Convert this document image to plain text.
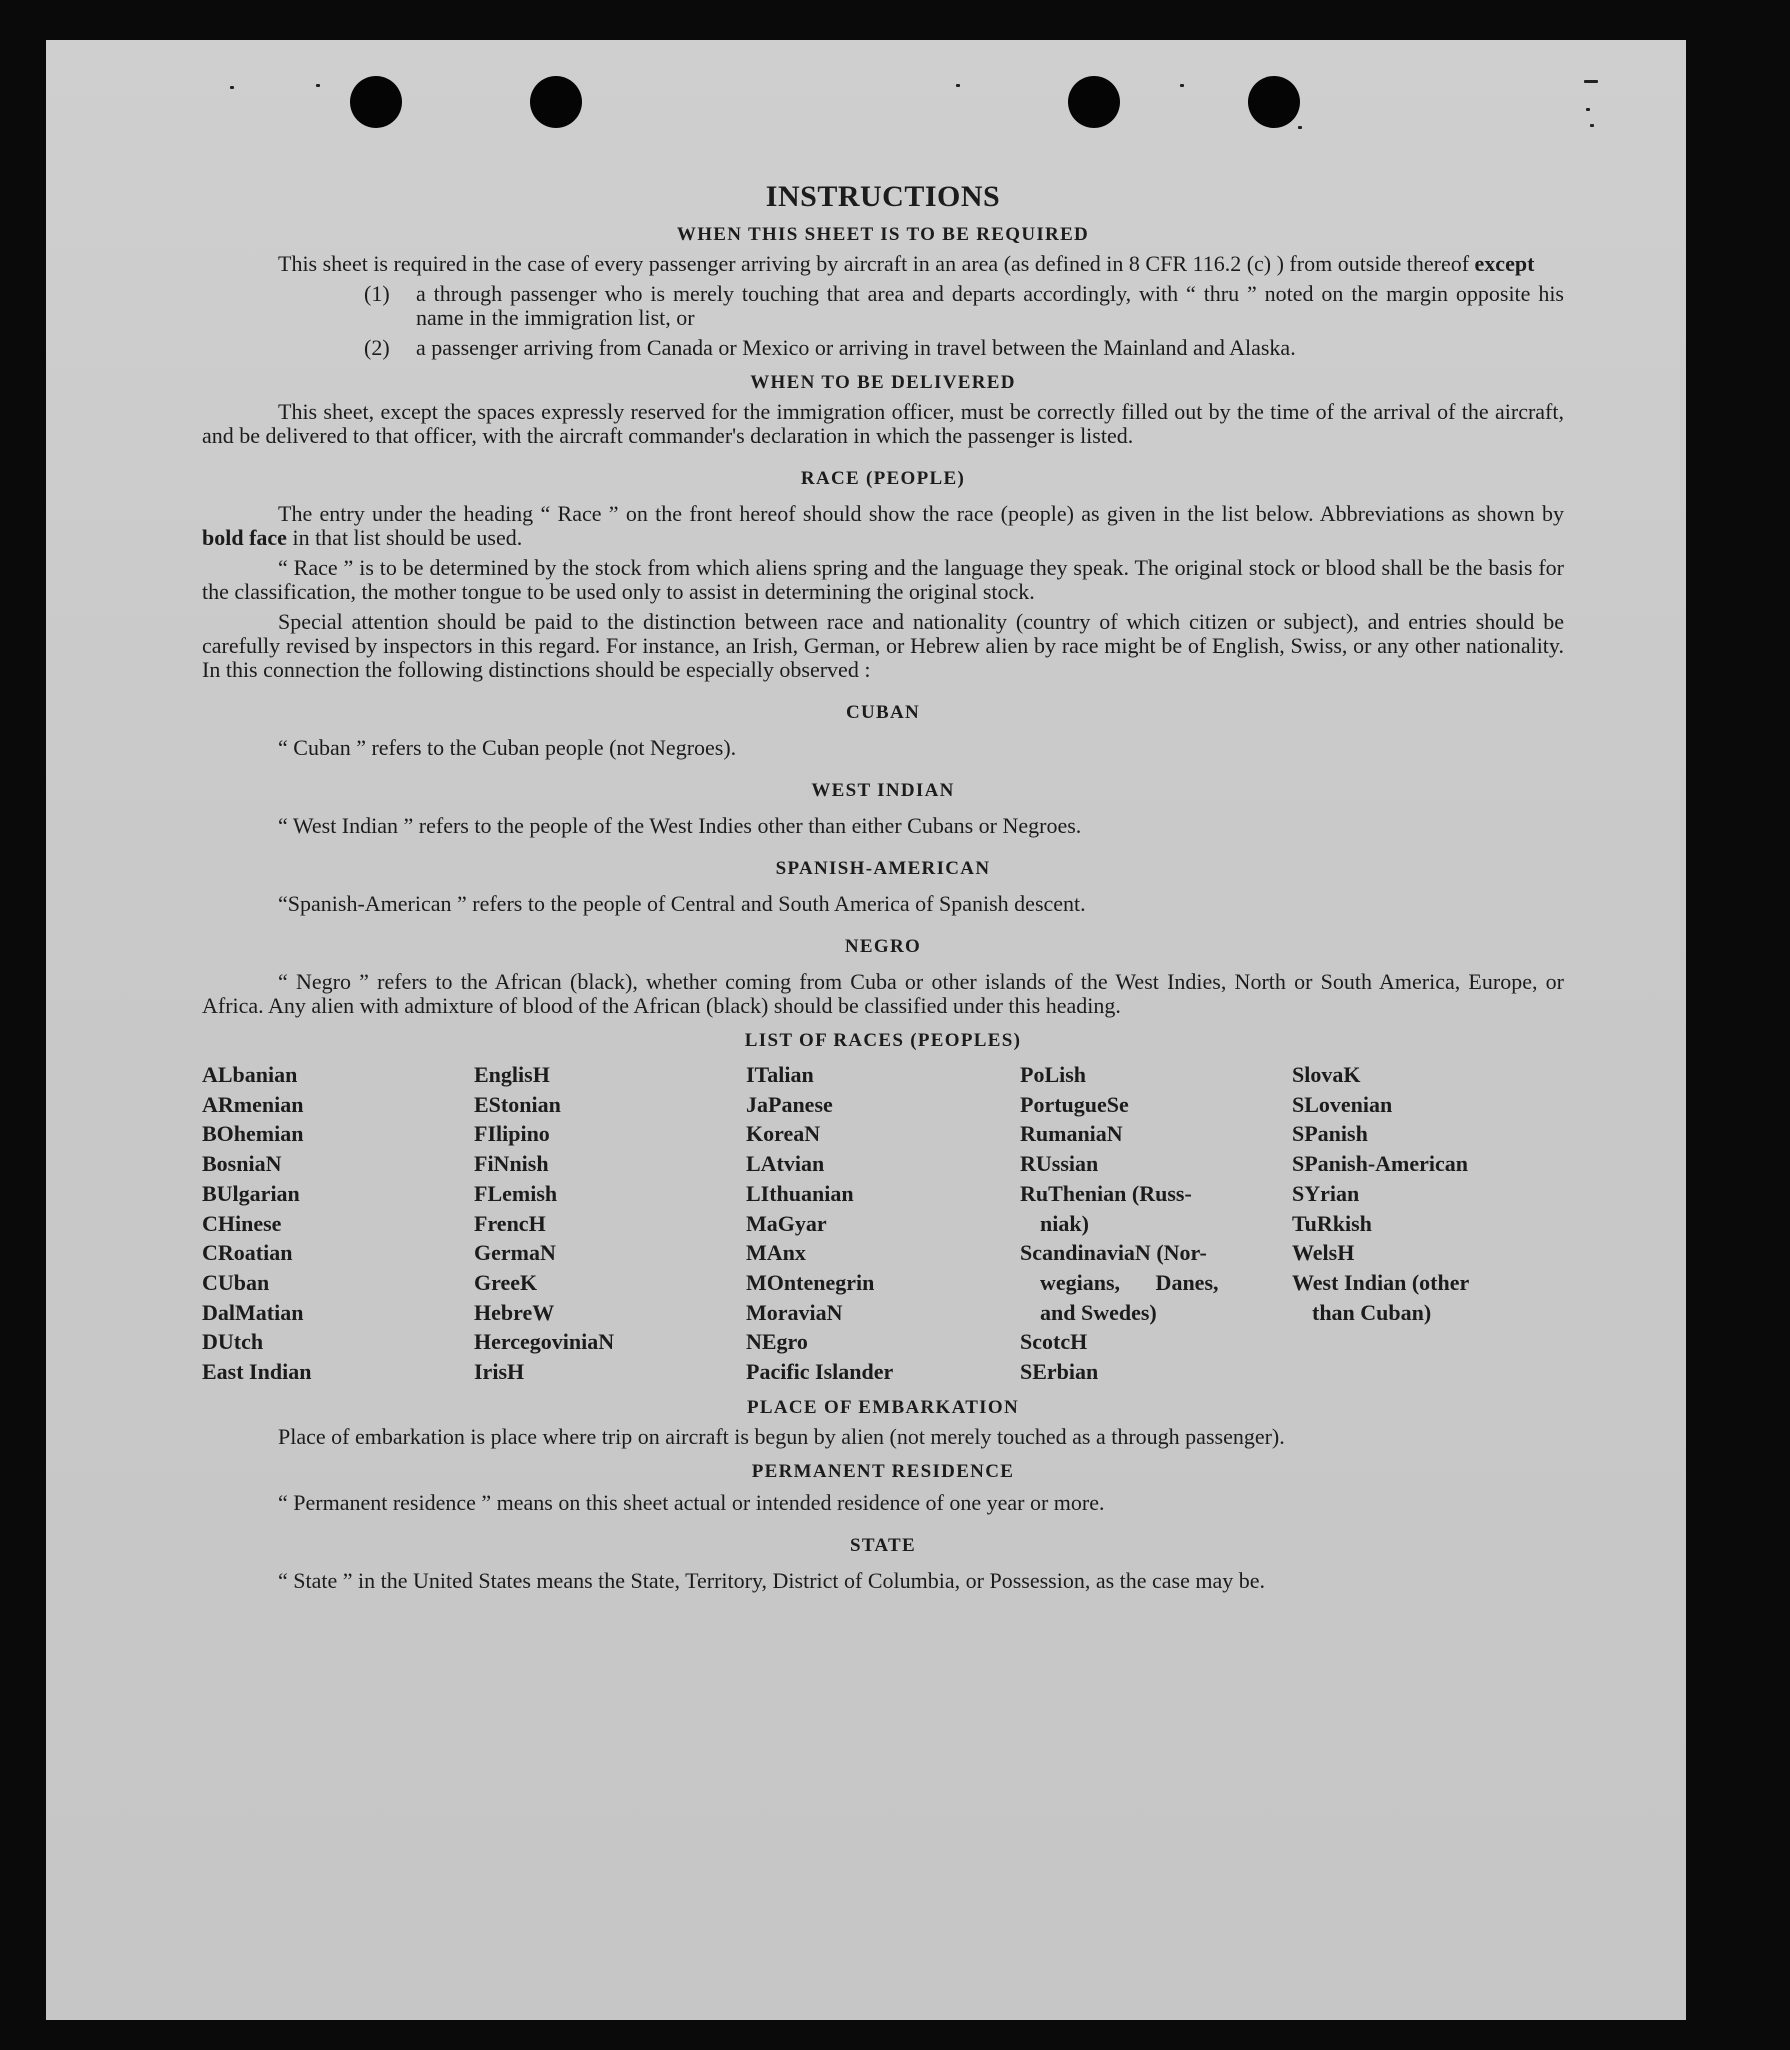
INSTRUCTIONS
WHEN THIS SHEET IS TO BE REQUIRED

This sheet is required in the case of every passenger arriving by aircraft in an area (as defined in 8 CFR 116.2 (c) ) from outside thereof except

(1)	a through passenger who is merely touching that area and departs accordingly, with “ thru ” noted on the margin opposite his name in the immigration list, or
(2)	a passenger arriving from Canada or Mexico or arriving in travel between the Mainland and Alaska.
WHEN TO BE DELIVERED

This sheet, except the spaces expressly reserved for the immigration officer, must be correctly filled out by the time of the arrival of the aircraft, and be delivered to that officer, with the aircraft commander's declaration in which the passenger is listed.

RACE (PEOPLE)

The entry under the heading “ Race ” on the front hereof should show the race (people) as given in the list below. Abbreviations as shown by bold face in that list should be used.

“ Race ” is to be determined by the stock from which aliens spring and the language they speak. The original stock or blood shall be the basis for the classification, the mother tongue to be used only to assist in determining the original stock.

Special attention should be paid to the distinction between race and nationality (country of which citizen or subject), and entries should be carefully revised by inspectors in this regard. For instance, an Irish, German, or Hebrew alien by race might be of English, Swiss, or any other nationality. In this connection the following distinctions should be especially observed :

CUBAN

“ Cuban ” refers to the Cuban people (not Negroes).

WEST INDIAN

“ West Indian ” refers to the people of the West Indies other than either Cubans or Negroes.

SPANISH-AMERICAN

“Spanish-American ” refers to the people of Central and South America of Spanish descent.

NEGRO

“ Negro ” refers to the African (black), whether coming from Cuba or other islands of the West Indies, North or South America, Europe, or Africa. Any alien with admixture of blood of the African (black) should be classified under this heading.

LIST OF RACES (PEOPLES)
ALbanian
ARmenian
BOhemian
BosniaN
BUlgarian
CHinese
CRoatian
CUban
DalMatian
DUtch
East Indian
EnglisH
EStonian
FIlipino
FiNnish
FLemish
FrencH
GermaN
GreeK
HebreW
HercegoviniaN
IrisH
ITalian
JaPanese
KoreaN
LAtvian
LIthuanian
MaGyar
MAnx
MOntenegrin
MoraviaN
NEgro
Pacific Islander
PoLish
PortugueSe
RumaniaN
RUssian
RuThenian (Russ-
niak)
ScandinaviaN (Nor-
wegians, Danes,
and Swedes)
ScotcH
SErbian
SlovaK
SLovenian
SPanish
SPanish-American
SYrian
TuRkish
WelsH
West Indian (other
than Cuban)
PLACE OF EMBARKATION

Place of embarkation is place where trip on aircraft is begun by alien (not merely touched as a through passenger).

PERMANENT RESIDENCE

“ Permanent residence ” means on this sheet actual or intended residence of one year or more.

STATE

“ State ” in the United States means the State, Territory, District of Columbia, or Possession, as the case may be.
